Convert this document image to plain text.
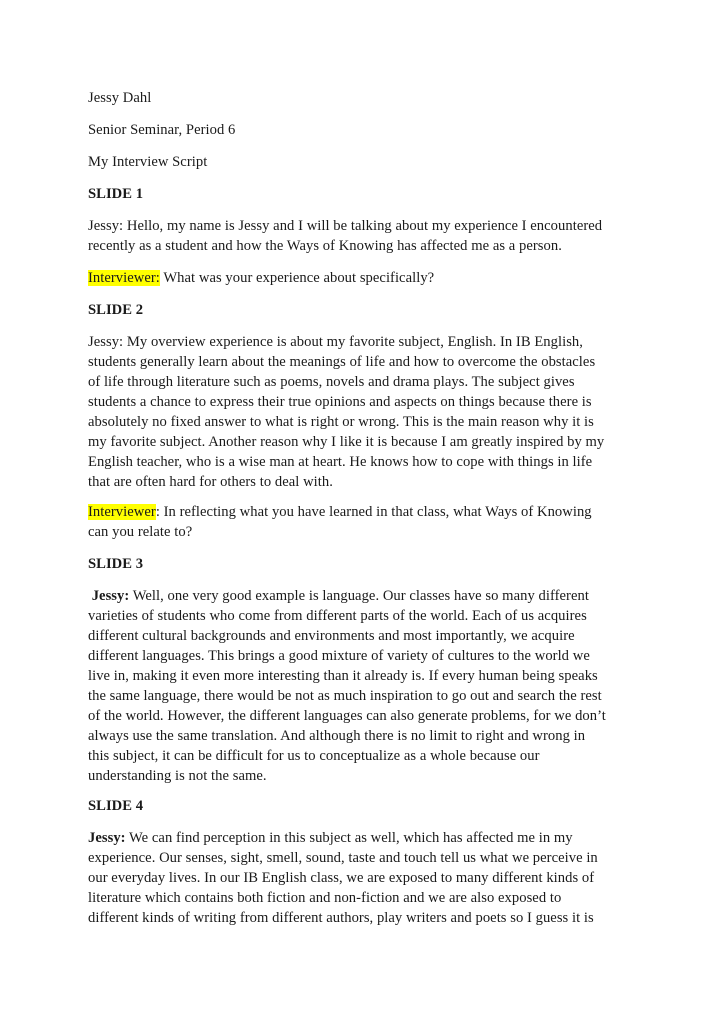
Jessy Dahl
Senior Seminar, Period 6
My Interview Script
SLIDE 1
Jessy: Hello, my name is Jessy and I will be talking about my experience I encountered
recently as a student and how the Ways of Knowing has affected me as a person.
Interviewer: What was your experience about specifically?
SLIDE 2
Jessy: My overview experience is about my favorite subject, English. In IB English,
students generally learn about the meanings of life and how to overcome the obstacles
of life through literature such as poems, novels and drama plays. The subject gives
students a chance to express their true opinions and aspects on things because there is
absolutely no fixed answer to what is right or wrong. This is the main reason why it is
my favorite subject. Another reason why I like it is because I am greatly inspired by my
English teacher, who is a wise man at heart. He knows how to cope with things in life
that are often hard for others to deal with.
Interviewer: In reflecting what you have learned in that class, what Ways of Knowing
can you relate to?
SLIDE 3
Jessy: Well, one very good example is language. Our classes have so many different
varieties of students who come from different parts of the world. Each of us acquires
different cultural backgrounds and environments and most importantly, we acquire
different languages. This brings a good mixture of variety of cultures to the world we
live in, making it even more interesting than it already is. If every human being speaks
the same language, there would be not as much inspiration to go out and search the rest
of the world. However, the different languages can also generate problems, for we don’t
always use the same translation. And although there is no limit to right and wrong in
this subject, it can be difficult for us to conceptualize as a whole because our
understanding is not the same.
SLIDE 4
Jessy: We can find perception in this subject as well, which has affected me in my
experience. Our senses, sight, smell, sound, taste and touch tell us what we perceive in
our everyday lives. In our IB English class, we are exposed to many different kinds of
literature which contains both fiction and non-fiction and we are also exposed to
different kinds of writing from different authors, play writers and poets so I guess it is
